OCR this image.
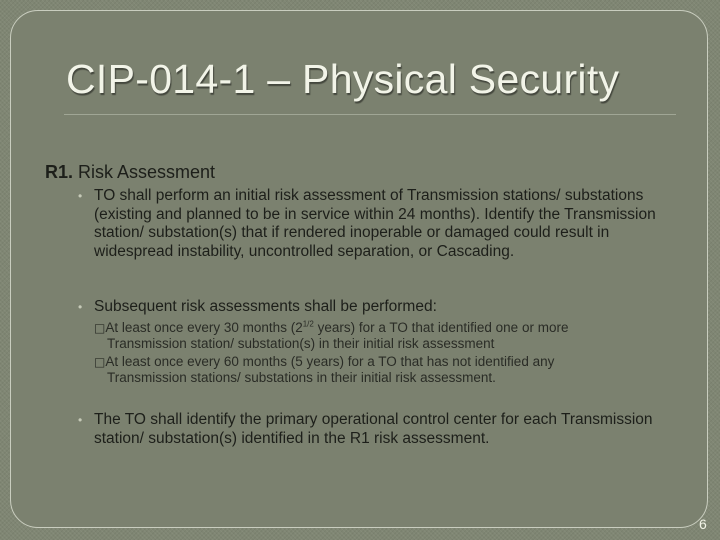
CIP-014-1 – Physical Security
R1. Risk Assessment
• TO shall perform an initial risk assessment of Transmission stations/ substations (existing and planned to be in service within 24 months). Identify the Transmission station/ substation(s) that if rendered inoperable or damaged could result in widespread instability, uncontrolled separation, or Cascading.
• Subsequent risk assessments shall be performed:
□At least once every 30 months ($2^{1/2}$ years) for a TO that identified one or more
Transmission station/ substation(s) in their initial risk assessment
□At least once every 60 months (5 years) for a TO that has not identified any
Transmission stations/ substations in their initial risk assessment.
• The TO shall identify the primary operational control center for each Transmission station/ substation(s) identified in the R1 risk assessment.
6
